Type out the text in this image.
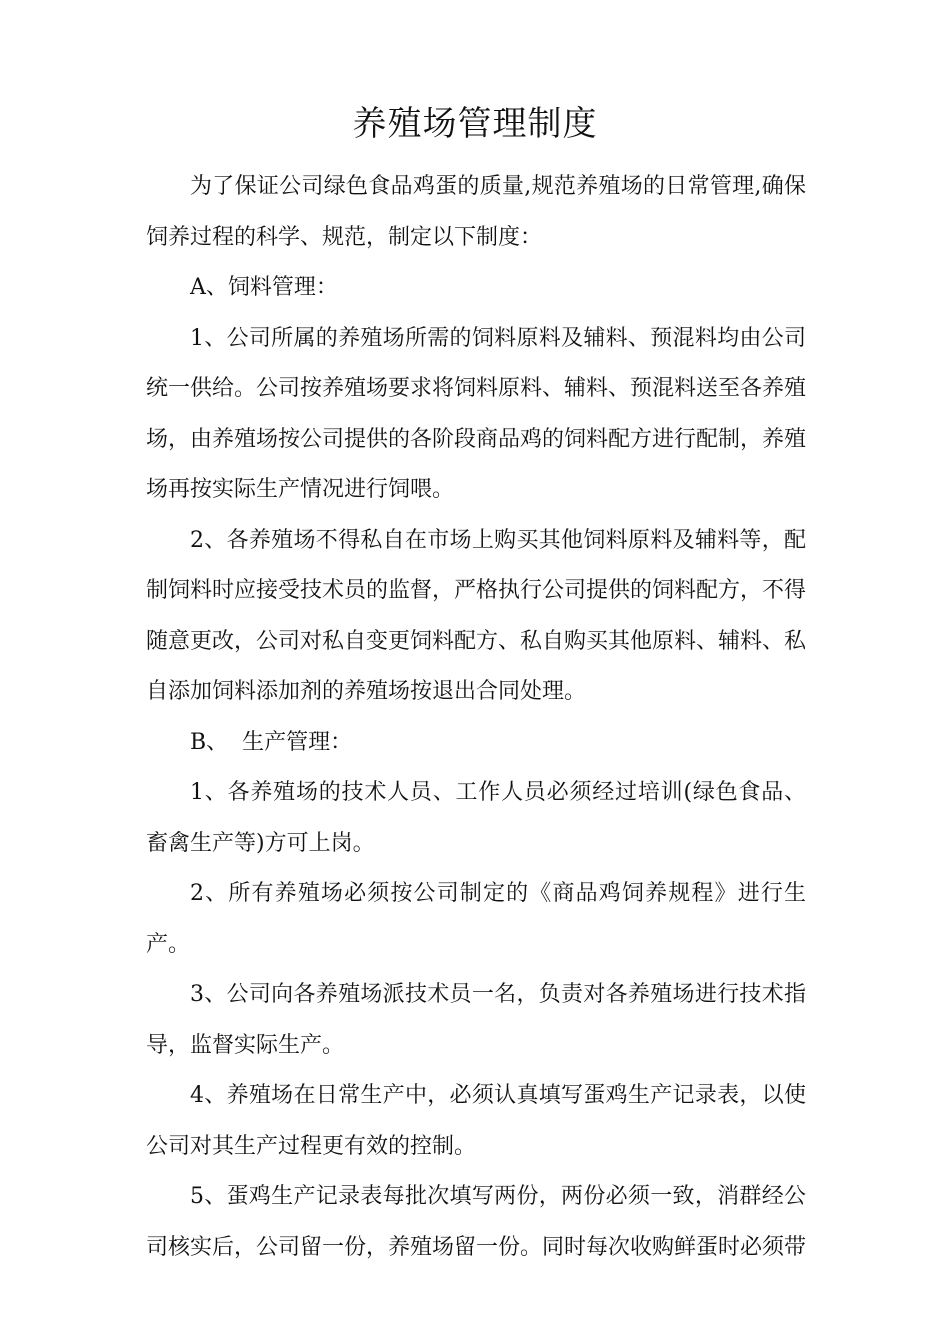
养殖场管理制度

为了保证公司绿色食品鸡蛋的质量,规范养殖场的日常管理,确保饲养过程的科学、规范，制定以下制度：

A、饲料管理：

1、公司所属的养殖场所需的饲料原料及辅料、预混料均由公司统一供给。公司按养殖场要求将饲料原料、辅料、预混料送至各养殖场，由养殖场按公司提供的各阶段商品鸡的饲料配方进行配制，养殖场再按实际生产情况进行饲喂。

2、各养殖场不得私自在市场上购买其他饲料原料及辅料等，配制饲料时应接受技术员的监督，严格执行公司提供的饲料配方，不得随意更改，公司对私自变更饲料配方、私自购买其他原料、辅料、私自添加饲料添加剂的养殖场按退出合同处理。

B、  生产管理：

1、各养殖场的技术人员、工作人员必须经过培训(绿色食品、畜禽生产等)方可上岗。

2、所有养殖场必须按公司制定的《商品鸡饲养规程》进行生产。

3、公司向各养殖场派技术员一名，负责对各养殖场进行技术指导，监督实际生产。

4、养殖场在日常生产中，必须认真填写蛋鸡生产记录表，以使公司对其生产过程更有效的控制。

5、蛋鸡生产记录表每批次填写两份，两份必须一致，消群经公司核实后，公司留一份，养殖场留一份。同时每次收购鲜蛋时必须带
